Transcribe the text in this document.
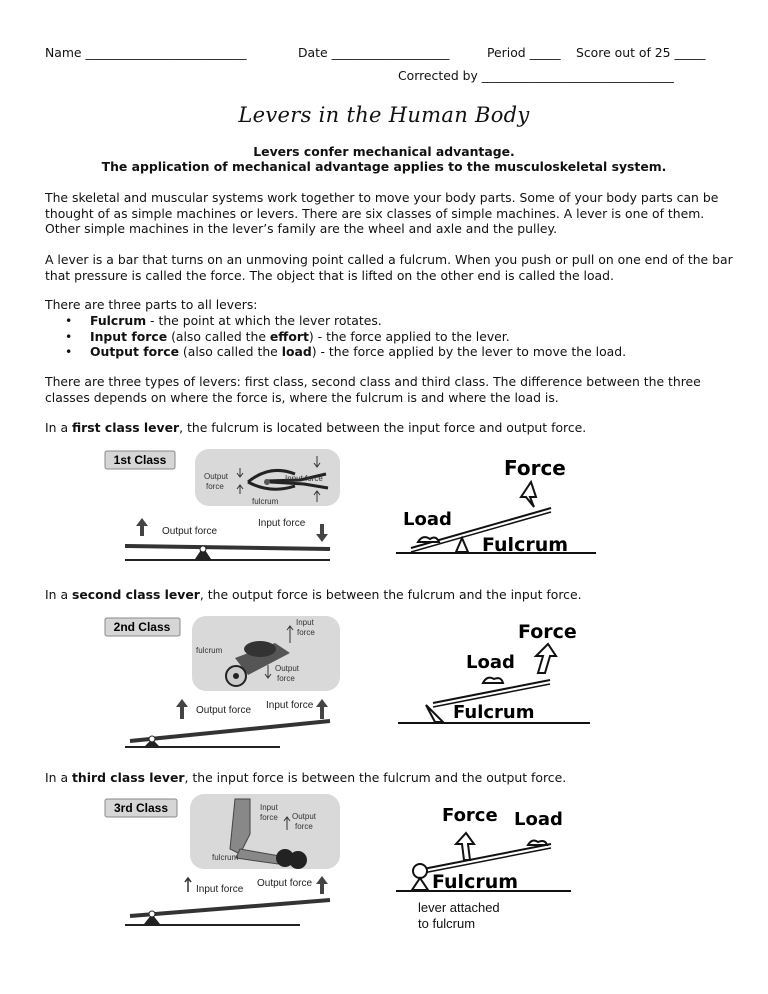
Name __________________________	Date ___________________	Period _____ Score out of 25 _____
Corrected by _______________________________
Levers in the Human Body
Levers confer mechanical advantage.
The application of mechanical advantage applies to the musculoskeletal system.

The skeletal and muscular systems work together to move your body parts. Some of your body parts can be thought of as simple machines or levers. There are six classes of simple machines. A lever is one of them. Other simple machines in the lever’s family are the wheel and axle and the pulley.

A lever is a bar that turns on an unmoving point called a fulcrum. When you push or pull on one end of the bar that pressure is called the force. The object that is lifted on the other end is called the load.

There are three parts to all levers:

• Fulcrum - the point at which the lever rotates.
• Input force (also called the effort) - the force applied to the lever.
• Output force (also called the load) - the force applied by the lever to move the load.

There are three types of levers: first class, second class and third class. The difference between the three classes depends on where the force is, where the fulcrum is and where the load is.

In a first class lever, the fulcrum is located between the input force and output force.

In a second class lever, the output force is between the fulcrum and the input force.

In a third class lever, the input force is between the fulcrum and the output force.

1st Class
Output
force
Input force
fulcrum
Output force
Input force
Force
Load
Fulcrum
2nd Class
fulcrum
Input
force
Output
force
Output force Input force
Force
Load
Fulcrum
3rd Class	Input
force Output
force
fulcrum
Input force
Output force
Force Load
Fulcrum
lever attached
to fulcrum
